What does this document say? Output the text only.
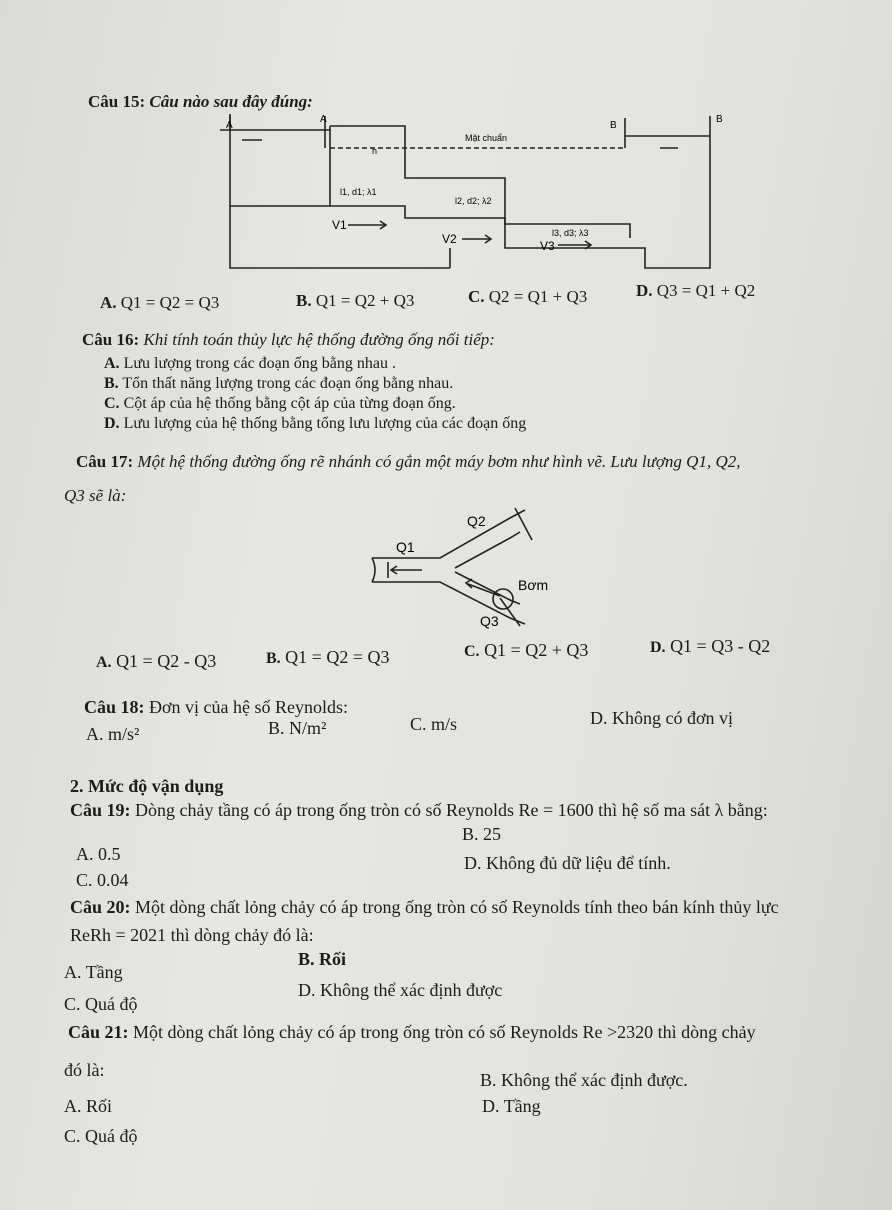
Câu 15: Câu nào sau đây đúng:
A
A
B
B
h
Mặt chuẩn
l1, d1; λ1
l2, d2; λ2
l3, d3; λ3
V1
V2	V3
A. Q1 = Q2 = Q3	B. Q1 = Q2 + Q3	C. Q2 = Q1 + Q3	D. Q3 = Q1 + Q2
Câu 16: Khi tính toán thủy lực hệ thống đường ống nối tiếp:
A. Lưu lượng trong các đoạn ống bằng nhau .
B. Tổn thất năng lượng trong các đoạn ống bằng nhau.
C. Cột áp của hệ thống bằng cột áp của từng đoạn ống.
D. Lưu lượng của hệ thống bằng tổng lưu lượng của các đoạn ống
Câu 17: Một hệ thống đường ống rẽ nhánh có gắn một máy bơm như hình vẽ. Lưu lượng Q1, Q2,
Q3 sẽ là:
Q2
Q1
Bơm
Q3
A. Q1 = Q2 - Q3	B. Q1 = Q2 = Q3	C. Q1 = Q2 + Q3	D. Q1 = Q3 - Q2
Câu 18: Đơn vị của hệ số Reynolds:
A. m/s²	B. N/m²	C. m/s	D. Không có đơn vị
2. Mức độ vận dụng
Câu 19: Dòng chảy tầng có áp trong ống tròn có số Reynolds Re = 1600 thì hệ số ma sát λ bằng:
B. 25
A. 0.5	D. Không đủ dữ liệu để tính.
C. 0.04
Câu 20: Một dòng chất lỏng chảy có áp trong ống tròn có số Reynolds tính theo bán kính thủy lực
ReRh = 2021 thì dòng chảy đó là:
B. Rối
A. Tầng
D. Không thể xác định được
C. Quá độ
Câu 21: Một dòng chất lỏng chảy có áp trong ống tròn có số Reynolds Re >2320 thì dòng chảy
đó là:	B. Không thể xác định được.
A. Rối	D. Tầng
C. Quá độ
